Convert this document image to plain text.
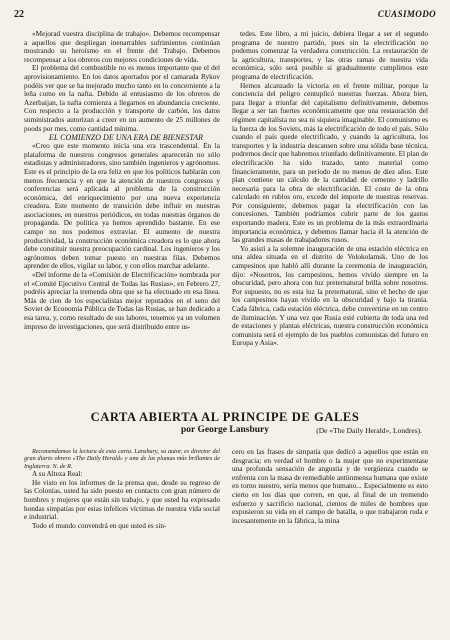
22	CUASIMODO

«Mejorad vuestra disciplina de trabajo». Debemos recompensar a aquellos que despliegan inenarrables sufrimientos continúan mostrando su heroísmo en el frente del Trabajo. Debemos recompensar a los obreros con mejores condiciones de vida.

El problema del combustible no es menos importante que el del aprovisionamiento. En los datos aportados por el camarada Rykov podéis ver que se ha mejorado mucho tanto en lo concerniente a la leña como en la nafta. Debido al entusiasmo de los obreros de Azerbaijan, la nafta comienza a llegarnos en abundancia creciente. Con respecto a la producción y transporte de carbón, los datos suministrados autorizan a creer en un aumento de 25 millones de poods por mes, como cantidad mínima.

EL COMIENZO DE UNA ERA DE BIENESTAR

«Creo que este momento inicia una era trascendental. En la plataforma de nuestros congresos generales aparecerán no sólo estadistas y administradores, sino también ingenieros y agrónomos. Este es el principio de la era feliz en que los políticos hablarán con menos frecuencia y en que la atención de nuestros congresos y conferencias será aplicada al problema de la construcción económica, del enriquecimiento por una nueva experiencia creadora. Este momento de transición debe influir en nuestras asociaciones, en nuestros periódicos, en todas nuestras órganos de propaganda. De política ya hemos aprendido bastante. En ese campo no nos podemos extraviar. El aumento de nuestra productividad, la construcción económica creadora es lo que ahora debe constituir nuestra preocupación cardinal. Los ingenieros y los agrónomos deben tomar puesto en nuestras filas. Debemos aprender de ellos, vigilar su labor, y con ellos marchar adelante.

«Del informe de la «Comisión de Electrificación» nombrada por el «Comité Ejecutivo Central de Todas las Rusias», en Febrero 27, podréis apreciar la tremenda obra que se ha efectuado en esa línea. Más de cien de los especialistas mejor reputados en el seno del Soviet de Economía Pública de Todas las Rusias, se han dedicado a esa tarea, y, como resultado de sus labores, tenemos ya un volumen impreso de investigaciones, que será distribuido entre us-

tedes. Este libro, a mi juicio, debiera llegar a ser el segundo programa de nuestro partido, pues sin la electrificación no podemos comenzar la verdadera construcción. La restauración de la agricultura, transportes, y las otras ramas de nuestra vida económica, sólo será posible si gradualmente cumplimos este programa de electrificación.

Hemos alcanzado la victoria en el frente militar, porque la conciencia del peligro centuplicó nuestras fuerzas. Ahora bien, para llegar a triunfar del capitalismo definitivamente, debemos llegar a ser tan fuertes económicamente que una restauración del régimen capitalista no sea ni siquiera imaginable. El comunismo es la fuerza de los Soviets, más la electrificación de todo el país. Sólo cuando el país quede electrificado, y cuando la agricultura, los transportes y la industria descansen sobre una sólida base técnica, podremos decir que habremos triunfado definitivamente. El plan de electrificación ha sido trazado, tanto material como financieramente, para un período de no menos de diez años. Este plan contiene un cálculo de la cantidad de cemento y ladrillo necesaria para la obra de electrificación. El costo de la obra calculado en rublos oro, excede del importe de nuestras reservas. Por consiguiente, debemos pagar la electrificación con las concesiones. También podríamos cubrir parte de los gastos exportando madera. Este es un problema de la más extraordinaria importancia económica, y debemos llamar hacia él la atención de las grandes masas de trabajadores rusos.

Yo asistí a la solemne inauguración de una estación eléctrica en una aldea situada en el distrito de Volokolamsk. Uno de los campesinos que habló allí durante la ceremonia de inauguración, dijo: «Nosotros, los campesinos, hemos vivido siempre en la obscuridad, pero ahora con luz preternatural brilla sobre nosotros. Por supuesto, no es esta luz la preternatural, sino el hecho de que los campesinos hayan vivido en la obscuridad y bajo la tiranía. Cada fábrica, cada estación eléctrica, debe convertirse en un centro de iluminación. Y una vez que Rusia esté cubierta de toda una red de estaciones y plantas eléctricas, nuestra construcción económica comunista será el ejemplo de los pueblos comunistas del futuro en Europa y Asia».

CARTA ABIERTA AL PRINCIPE DE GALES
por George Lansbury	(De «The Daily Herald», Londres).

Recomendamos la lectura de esta carta. Lansbury, su autor, es director del gran diario obrero «The Daily Herald» y una de las plumas más brillantes de Inglaterra. N. de R.

A su Alteza Real:

He visto en los informes de la prensa que, desde su regreso de las Colonias, usted ha sido puesto en contacto con gran número de hombres y mujeres que están sin trabajo, y que usted ha expresado hondas simpatías por estas infelices víctimas de nuestra vida social e industrial.

Todo el mundo convendrá en que usted es sin-

cero en las frases de simpatía que dedicó a aquellos que están en desgracia; en verdad el hombre o la mujer que no experimentase una profunda sensación de angustia y de vergüenza cuando se enfrenta con la masa de remediable antiinmensa humana que existe en torno nuestro, sería menos que humano... Especialmente es esto cierto en los días que corren, en que, al final de un tremendo esfuerzo y sacrificio nacional, cientos de miles de hombres que expusieron su vida en el campo de batalla, o que trabajaron ruda e incesantemente en la fábrica, la mina
